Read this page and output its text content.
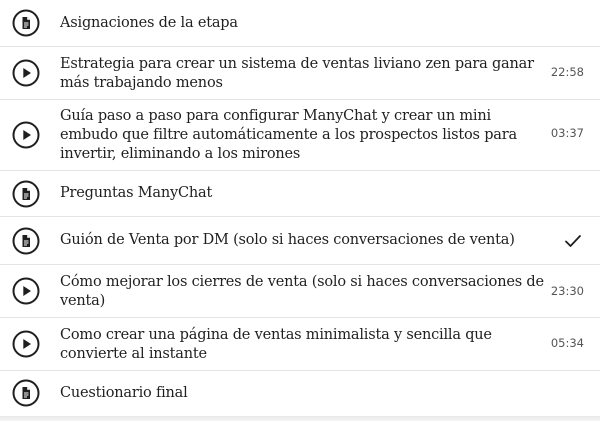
Asignaciones de la etapa
Estrategia para crear un sistema de ventas liviano zen para ganar más trabajando menos
22:58
Guía paso a paso para configurar ManyChat y crear un mini embudo que filtre automáticamente a los prospectos listos para invertir, eliminando a los mirones
03:37
Preguntas ManyChat
Guión de Venta por DM (solo si haces conversaciones de venta)
Cómo mejorar los cierres de venta (solo si haces conversaciones de venta)
23:30
Como crear una página de ventas minimalista y sencilla que convierte al instante
05:34
Cuestionario final
